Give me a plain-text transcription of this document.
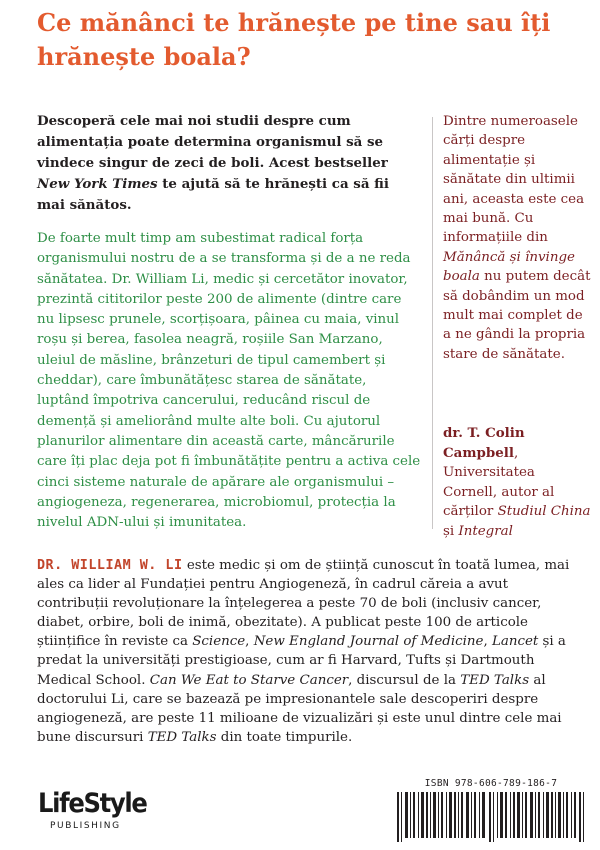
Ce mănânci te hrănește pe tine sau îți hrănește boala?
Descoperă cele mai noi studii despre cum alimentația poate determina organismul să se vindece singur de zeci de boli. Acest bestseller New York Times te ajută să te hrănești ca să fii mai sănătos.
De foarte mult timp am subestimat radical forța organismului nostru de a se transforma și de a ne reda sănătatea. Dr. William Li, medic și cercetător inovator, prezintă cititorilor peste 200 de alimente (dintre care nu lipsesc prunele, scorțișoara, pâinea cu maia, vinul roșu și berea, fasolea neagră, roșiile San Marzano, uleiul de măsline, brânzeturi de tipul camembert și cheddar), care îmbunătățesc starea de sănătate, luptând împotriva cancerului, reducând riscul de demență și ameliorând multe alte boli. Cu ajutorul planurilor alimentare din această carte, mâncărurile care îți plac deja pot fi îmbunătățite pentru a activa cele cinci sisteme naturale de apărare ale organismului – angiogeneza, regenerarea, microbiomul, protecția la nivelul ADN-ului și imunitatea.
Dintre numeroasele cărți despre alimentație și sănătate din ultimii ani, aceasta este cea mai bună. Cu informațiile din Mănâncă și învinge boala nu putem decât să dobândim un mod mult mai complet de a ne gândi la propria stare de sănătate.
dr. T. Colin
Campbell, Universitatea Cornell, autor al cărților Studiul China și Integral
DR. WILLIAM W. LI este medic și om de știință cunoscut în toată lumea, mai ales ca lider al Fundației pentru Angiogeneză, în cadrul căreia a avut contribuții revoluționare la înțelegerea a peste 70 de boli (inclusiv cancer, diabet, orbire, boli de inimă, obezitate). A publicat peste 100 de articole științifice în reviste ca Science, New England Journal of Medicine, Lancet și a predat la universități prestigioase, cum ar fi Harvard, Tufts și Dartmouth Medical School. Can We Eat to Starve Cancer, discursul de la TED Talks al doctorului Li, care se bazează pe impresionantele sale descoperiri despre angiogeneză, are peste 11 milioane de vizualizări și este unul dintre cele mai bune discursuri TED Talks din toate timpurile.
LifeStyle
PUBLISHING
ISBN 978-606-789-186-7
